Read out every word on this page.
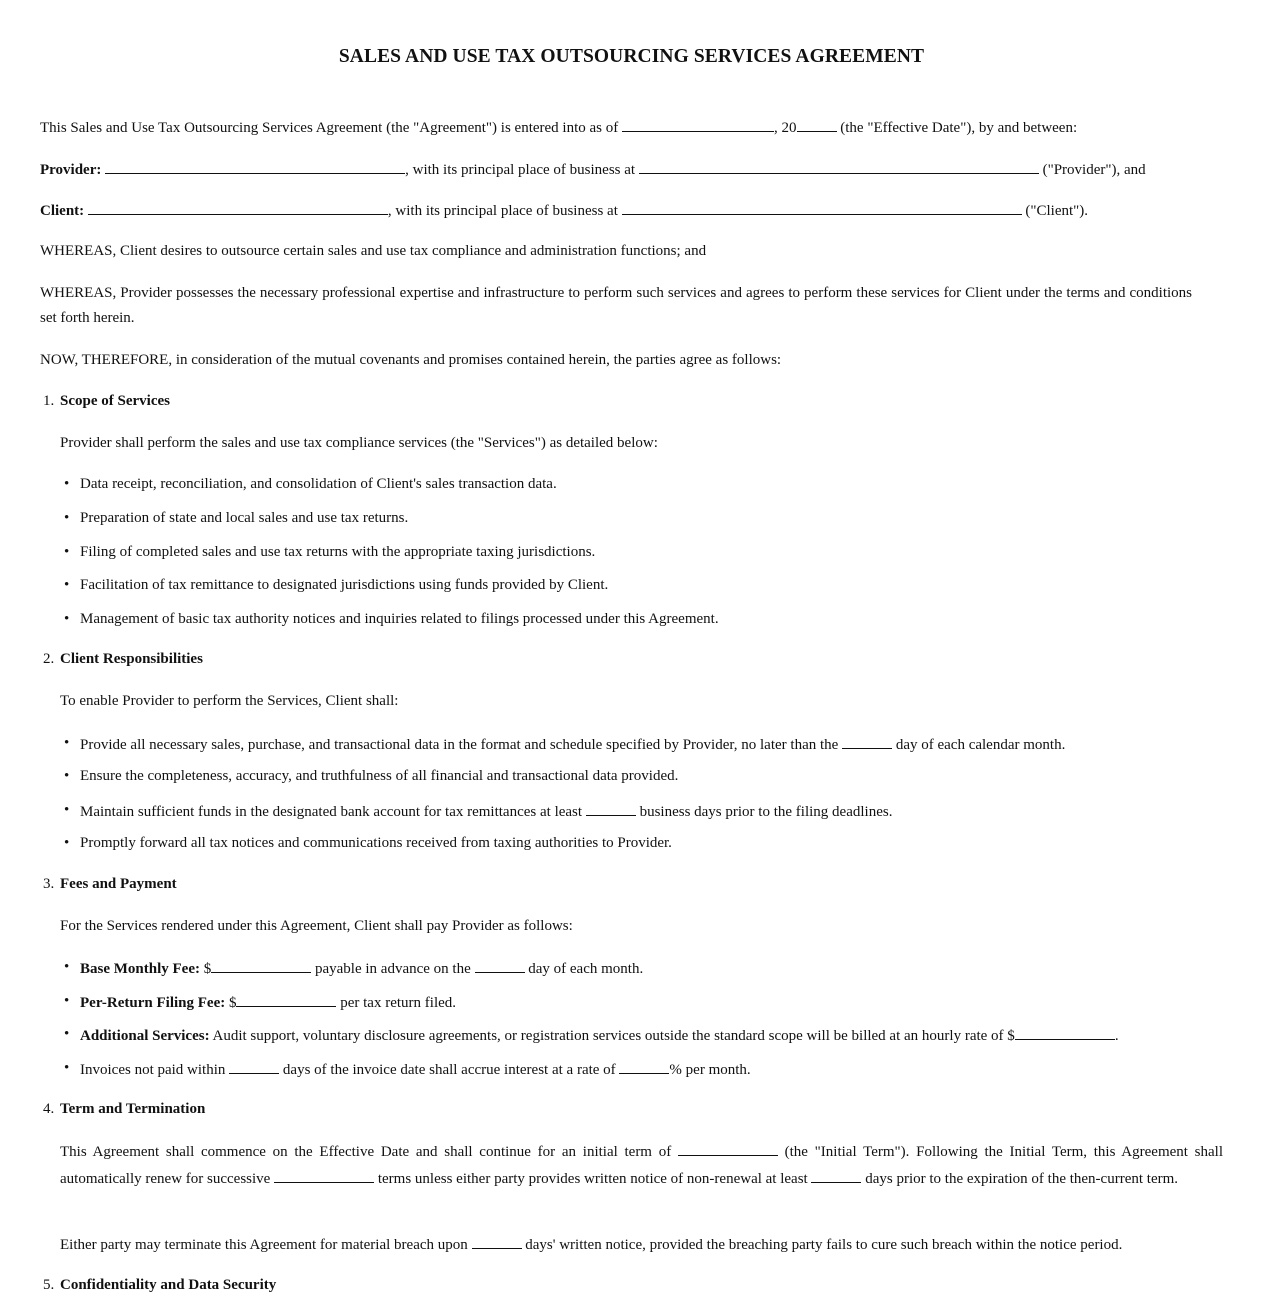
SALES AND USE TAX OUTSOURCING SERVICES AGREEMENT
This Sales and Use Tax Outsourcing Services Agreement (the "Agreement") is entered into as of	, 20	(the "Effective Date"), by and between:
Provider:	, with its principal place of business at	("Provider"), and
Client:	, with its principal place of business at	("Client").
WHEREAS, Client desires to outsource certain sales and use tax compliance and administration functions; and
WHEREAS, Provider possesses the necessary professional expertise and infrastructure to perform such services and agrees to perform these services for Client under the terms and conditions set forth herein.
NOW, THEREFORE, in consideration of the mutual covenants and promises contained herein, the parties agree as follows:
1. Scope of Services
Provider shall perform the sales and use tax compliance services (the "Services") as detailed below:
• Data receipt, reconciliation, and consolidation of Client's sales transaction data.
• Preparation of state and local sales and use tax returns.
• Filing of completed sales and use tax returns with the appropriate taxing jurisdictions.
• Facilitation of tax remittance to designated jurisdictions using funds provided by Client.
• Management of basic tax authority notices and inquiries related to filings processed under this Agreement.
2. Client Responsibilities
To enable Provider to perform the Services, Client shall:
• Provide all necessary sales, purchase, and transactional data in the format and schedule specified by Provider, no later than the	day of each calendar month.
• Ensure the completeness, accuracy, and truthfulness of all financial and transactional data provided.
• Maintain sufficient funds in the designated bank account for tax remittances at least	business days prior to the filing deadlines.
• Promptly forward all tax notices and communications received from taxing authorities to Provider.
3. Fees and Payment
For the Services rendered under this Agreement, Client shall pay Provider as follows:
• Base Monthly Fee: $	payable in advance on the	day of each month.
• Per-Return Filing Fee: $	per tax return filed.
• Additional Services: Audit support, voluntary disclosure agreements, or registration services outside the standard scope will be billed at an hourly rate of $	.
• Invoices not paid within	days of the invoice date shall accrue interest at a rate of	% per month.
4. Term and Termination
This Agreement shall commence on the Effective Date and shall continue for an initial term of	(the "Initial Term"). Following the Initial Term, this Agreement shall automatically renew for successive	terms unless either party provides written notice of non-renewal at least	days prior to the expiration of the then-current term.
Either party may terminate this Agreement for material breach upon	days' written notice, provided the breaching party fails to cure such breach within the notice period.
5. Confidentiality and Data Security
